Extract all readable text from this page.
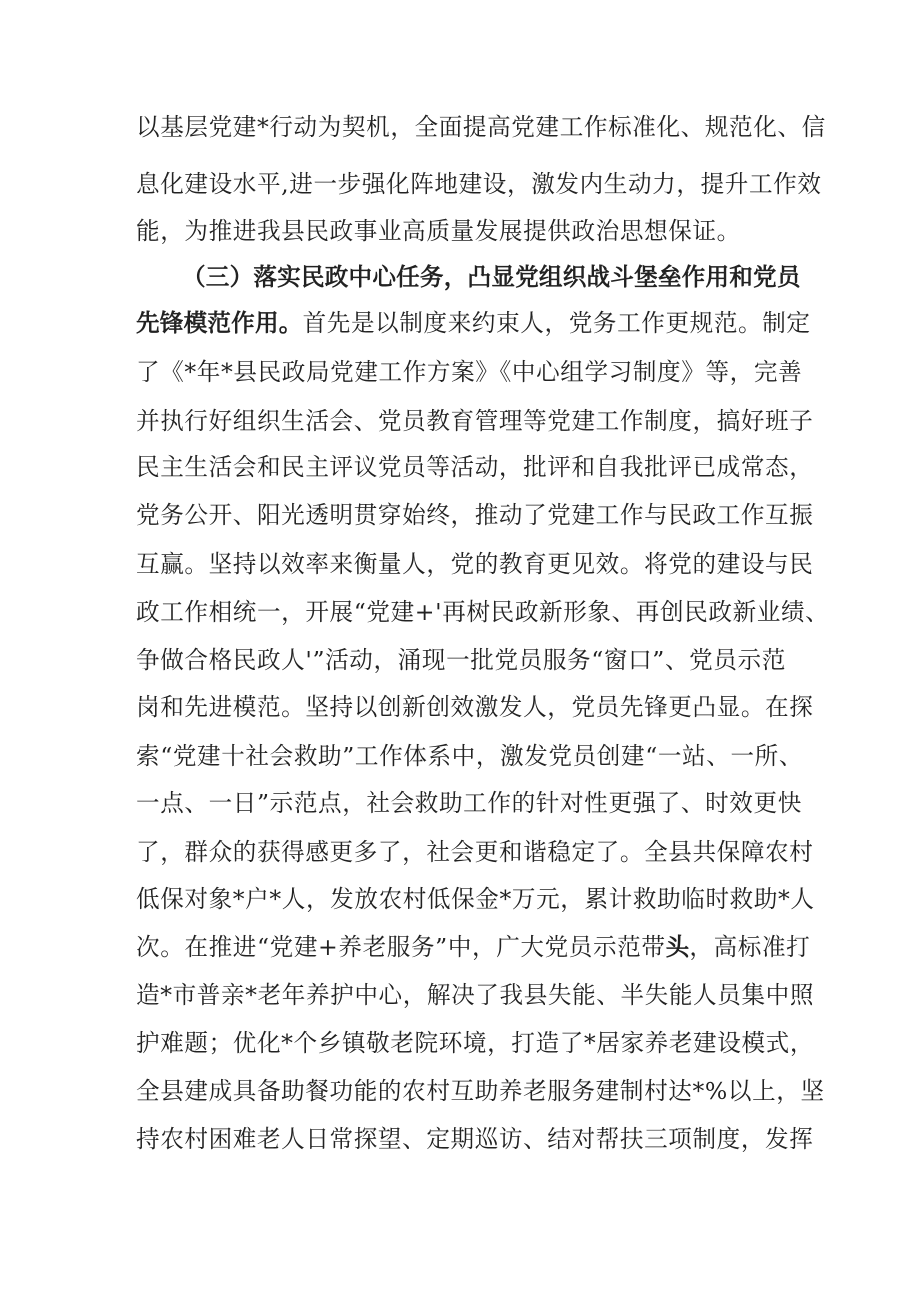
以基层党建*行动为契机，全面提高党建工作标准化、规范化、信
息化建设水平,进一步强化阵地建设，激发内生动力，提升工作效
能，为推进我县民政事业高质量发展提供政治思想保证。
（三）落实民政中心任务，凸显党组织战斗堡垒作用和党员
先锋模范作用。首先是以制度来约束人，党务工作更规范。制定
了《*年*县民政局党建工作方案》《中心组学习制度》等，完善
并执行好组织生活会、党员教育管理等党建工作制度，搞好班子
民主生活会和民主评议党员等活动，批评和自我批评已成常态，
党务公开、阳光透明贯穿始终，推动了党建工作与民政工作互振
互赢。坚持以效率来衡量人，党的教育更见效。将党的建设与民
政工作相统一，开展“党建+'再树民政新形象、再创民政新业绩、
争做合格民政人'”活动，涌现一批党员服务“窗口”、党员示范
岗和先进模范。坚持以创新创效激发人，党员先锋更凸显。在探
索“党建十社会救助”工作体系中，激发党员创建“一站、一所、
一点、一日”示范点，社会救助工作的针对性更强了、时效更快
了，群众的获得感更多了，社会更和谐稳定了。全县共保障农村
低保对象*户*人，发放农村低保金*万元，累计救助临时救助*人
次。在推进“党建+养老服务”中，广大党员示范带头，高标准打
造*市普亲*老年养护中心，解决了我县失能、半失能人员集中照
护难题；优化*个乡镇敬老院环境，打造了*居家养老建设模式，
全县建成具备助餐功能的农村互助养老服务建制村达*%以上，坚
持农村困难老人日常探望、定期巡访、结对帮扶三项制度，发挥
